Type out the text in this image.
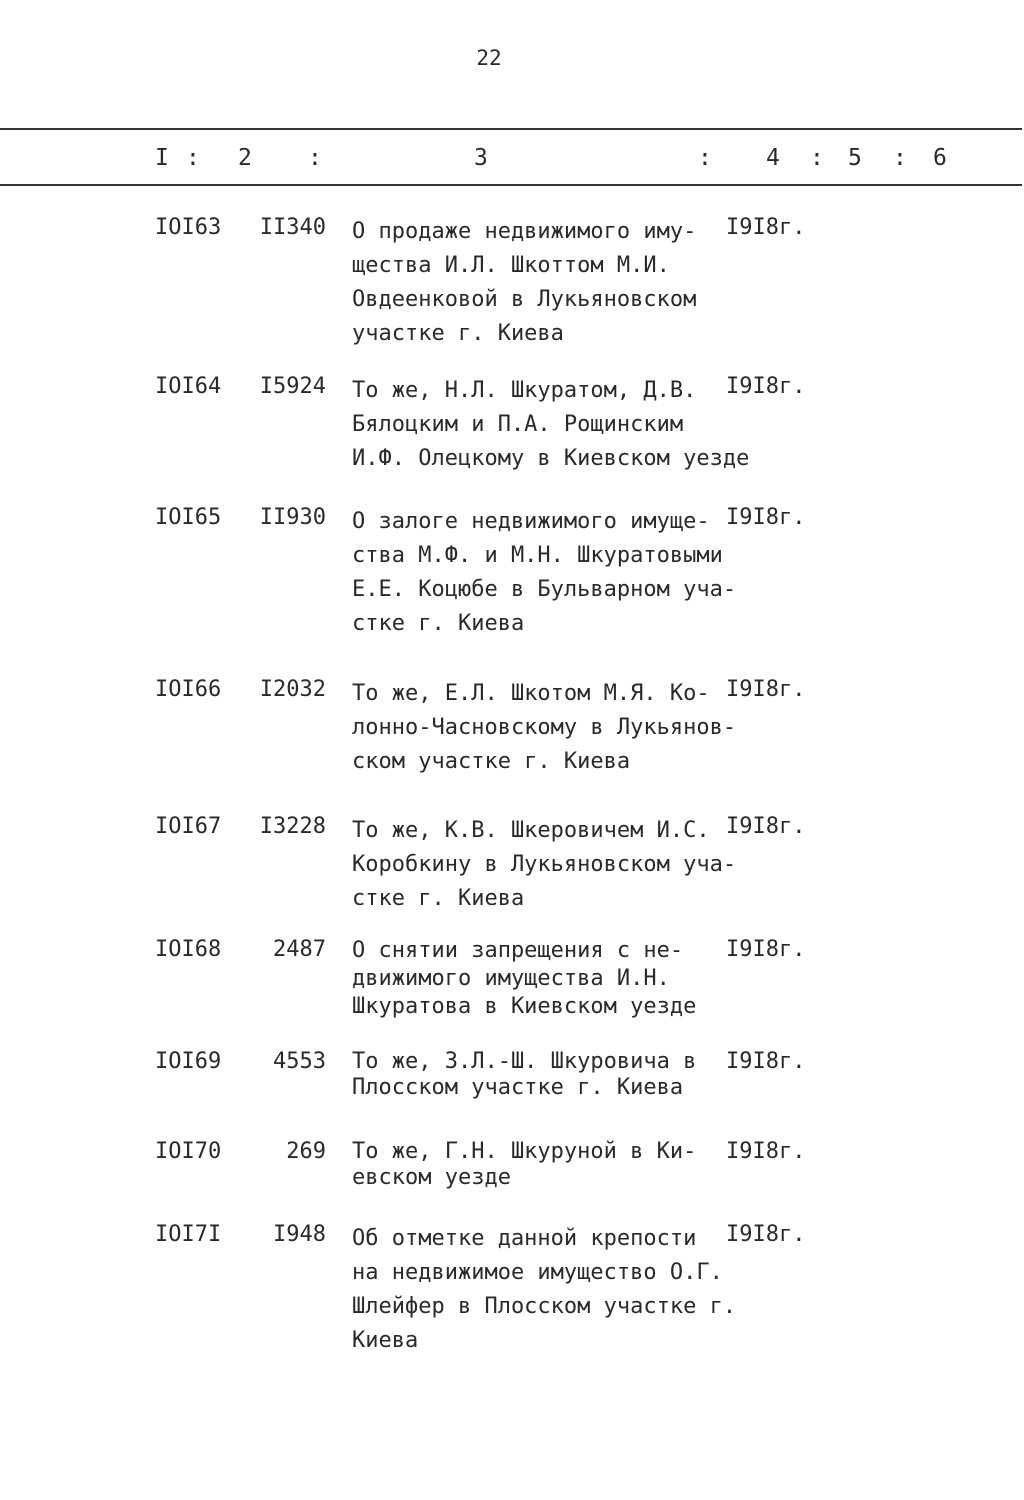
22
I : 2 :	3	: 4 : 5 : 6
IOI63	II340 О продаже недвижимого иму-
щества И.Л. Шкоттом М.И.
Овдеенковой в Лукьяновском
участке г. Киева
I9I8г.
IOI64	I5924 То же, Н.Л. Шкуратом, Д.В.
Бялоцким и П.А. Рощинским
И.Ф. Олецкому в Киевском уезде
I9I8г.
IOI65	II930 О залоге недвижимого имуще-
ства М.Ф. и М.Н. Шкуратовыми
Е.Е. Коцюбе в Бульварном уча-
стке г. Киева
I9I8г.
IOI66	I2032 То же, Е.Л. Шкотом М.Я. Ко-
лонно-Часновскому в Лукьянов-
ском участке г. Киева
I9I8г.
IOI67	I3228 То же, К.В. Шкеровичем И.С.
Коробкину в Лукьяновском уча-
стке г. Киева
I9I8г.
IOI68	2487 О снятии запрещения с не-
движимого имущества И.Н.
Шкуратова в Киевском уезде
I9I8г.
IOI69	4553 То же, З.Л.-Ш. Шкуровича в
Плосском участке г. Киева
I9I8г.
IOI70	269 То же, Г.Н. Шкуруной в Ки-
евском уезде
I9I8г.
IOI7I	I948 Об отметке данной крепости
на недвижимое имущество О.Г.
Шлейфер в Плосском участке г.
Киева
I9I8г.
